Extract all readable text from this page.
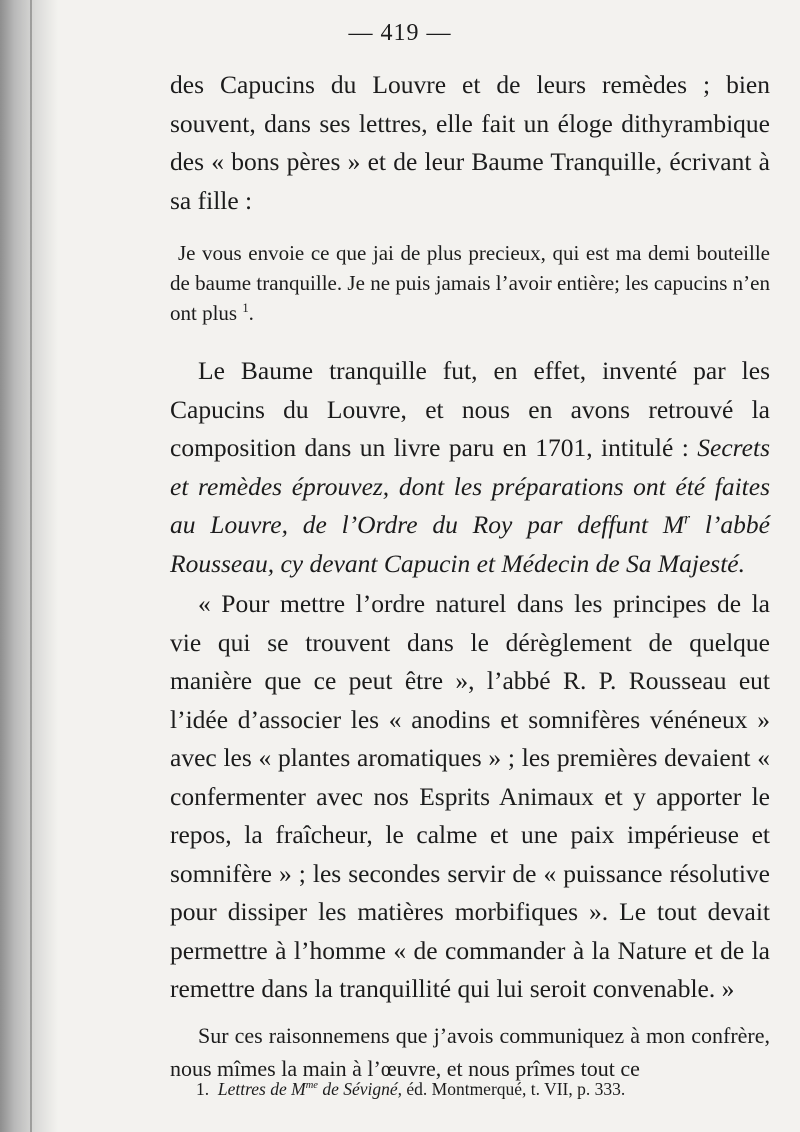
— 419 —

des Capucins du Louvre et de leurs remèdes ; bien souvent, dans ses lettres, elle fait un éloge dithyrambique des « bons pères » et de leur Baume Tranquille, écrivant à sa fille :

Je vous envoie ce que jai de plus precieux, qui est ma demi bouteille de baume tranquille. Je ne puis jamais l’avoir entière; les capucins n’en ont plus $^1$.

Le Baume tranquille fut, en effet, inventé par les Capucins du Louvre, et nous en avons retrouvé la composition dans un livre paru en 1701, intitulé : Secrets et remèdes éprouvez, dont les préparations ont été faites au Louvre, de l’Ordre du Roy par deffunt $M^r$ l’abbé Rousseau, cy devant Capucin et Médecin de Sa Majesté.

« Pour mettre l’ordre naturel dans les principes de la vie qui se trouvent dans le dérèglement de quelque manière que ce peut être », l’abbé R. P. Rousseau eut l’idée d’associer les « anodins et somnifères vénéneux » avec les « plantes aromatiques » ; les premières devaient « confermenter avec nos Esprits Animaux et y apporter le repos, la fraîcheur, le calme et une paix impérieuse et somnifère » ; les secondes servir de « puissance résolutive pour dissiper les matières morbifiques ». Le tout devait permettre à l’homme « de commander à la Nature et de la remettre dans la tranquillité qui lui seroit convenable. »

Sur ces raisonnemens que j’avois communiquez à mon confrère, nous mîmes la main à l’œuvre, et nous prîmes tout ce

1. Lettres de $M^{me}$ de Sévigné, éd. Montmerqué, t. VII, p. 333.
